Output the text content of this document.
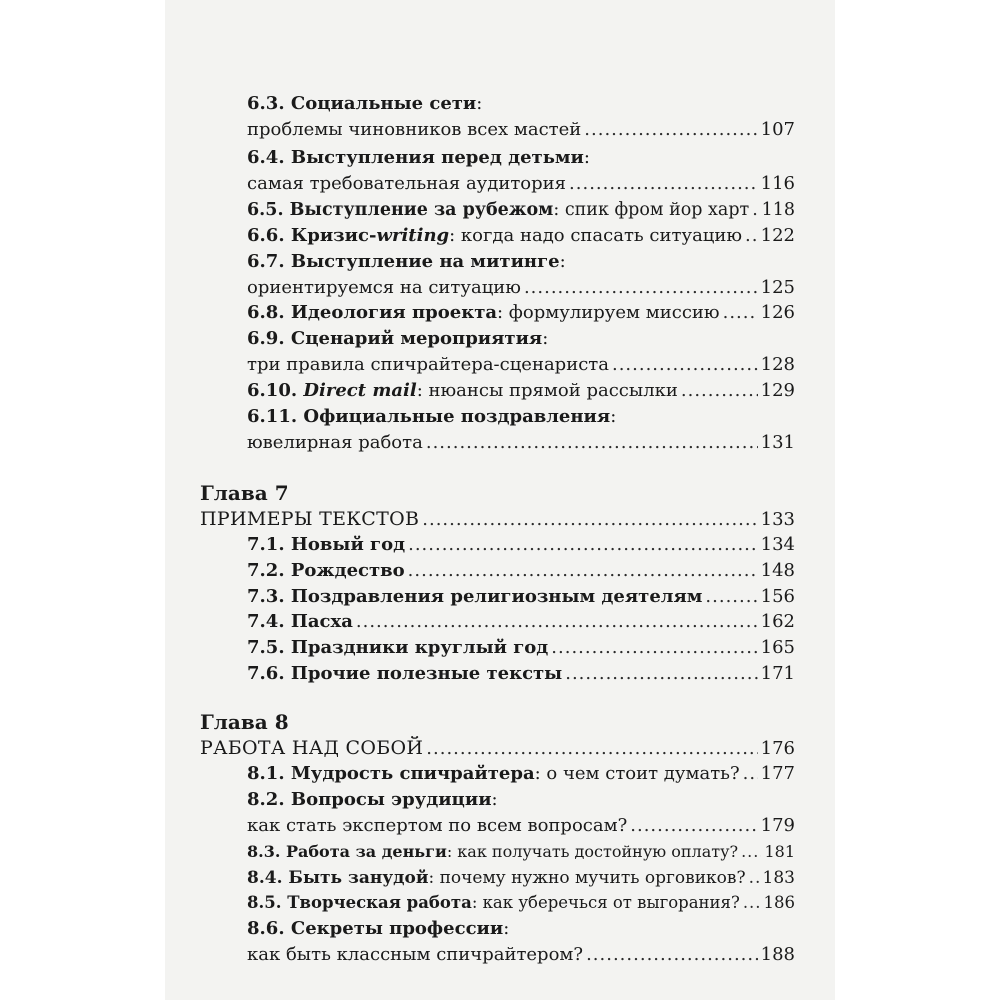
6.3. Социальные сети:
проблемы чиновников всех мастей .....	107
6.4. Выступления перед детьми:
самая требовательная аудитория .....	116
6.5. Выступление за рубежом: спик фром йор харт ..... 118
6.6. Кризис-writing: когда надо спасать ситуацию ..... 122
6.7. Выступление на митинге:
ориентируемся на ситуацию .....	125
6.8. Идеология проекта: формулируем миссию ..... 126
6.9. Сценарий мероприятия:
три правила спичрайтера-сценариста .....	128
6.10. Direct mail: нюансы прямой рассылки .....	129
6.11. Официальные поздравления:
ювелирная работа .....	131
Глава 7
ПРИМЕРЫ ТЕКСТОВ .....	133
7.1. Новый год .....	134
7.2. Рождество .....	148
7.3. Поздравления религиозным деятелям .....	156
7.4. Пасха .....	162
7.5. Праздники круглый год .....	165
7.6. Прочие полезные тексты .....	171
Глава 8
РАБОТА НАД СОБОЙ .....	176
8.1. Мудрость спичрайтера: о чем стоит думать? ..... 177
8.2. Вопросы эрудиции:
как стать экспертом по всем вопросам? .....	179
8.3. Работа за деньги: как получать достойную оплату? ..... 181
8.4. Быть занудой: почему нужно мучить орговиков? ..... 183
8.5. Творческая работа: как уберечься от выгорания? ..... 186
8.6. Секреты профессии:
как быть классным спичрайтером? .....	188
